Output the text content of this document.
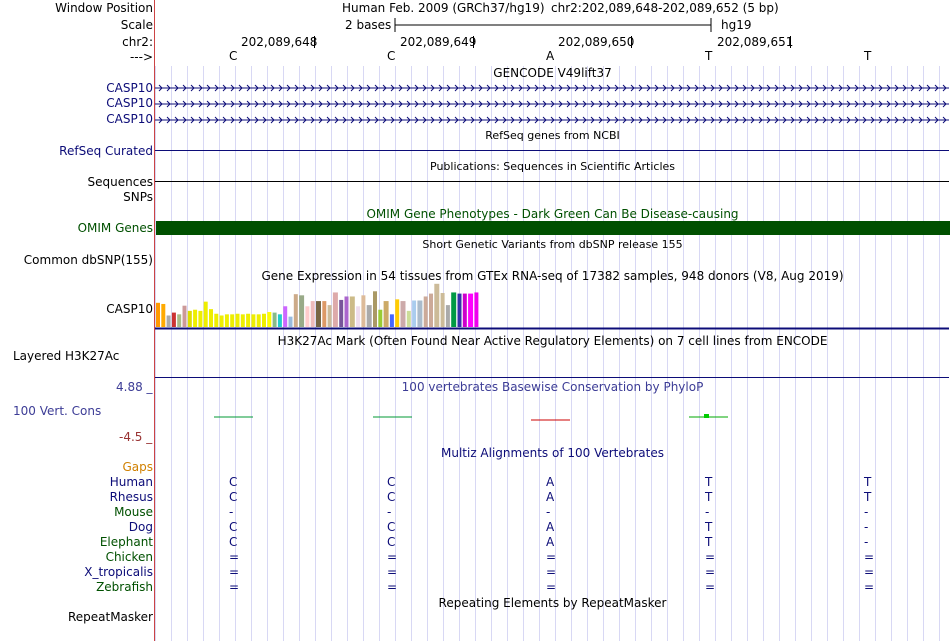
Window Position	Human Feb. 2009 (GRCh37/hg19) chr2:202,089,648-202,089,652 (5 bp)
Scale	2 bases	hg19
chr2:	202,089,648	202,089,649	202,089,650	202,089,651
--->	C	C	A	T	T
GENCODE V49lift37
CASP10
CASP10
CASP10
RefSeq genes from NCBI
RefSeq Curated
Publications: Sequences in Scientific Articles
Sequences
SNPs
OMIM Gene Phenotypes - Dark Green Can Be Disease-causing
OMIM Genes
Short Genetic Variants from dbSNP release 155
Common dbSNP(155)
Gene Expression in 54 tissues from GTEx RNA-seq of 17382 samples, 948 donors (V8, Aug 2019)
CASP10
H3K27Ac Mark (Often Found Near Active Regulatory Elements) on 7 cell lines from ENCODE
Layered H3K27Ac
100 vertebrates Basewise Conservation by PhyloP
4.88 _
100 Vert. Cons
-4.5 _
Multiz Alignments of 100 Vertebrates
Gaps
Human	C	C	A	T	T
Rhesus	C	C	A	T	T
Mouse	-	-	-	-	-
Dog	C	C	A	T	-
Elephant	C	C	A	T	-
Chicken	=	=	=	=	=
X_tropicalis	=	=	=	=	=
Zebrafish	=	=	=	=	=
Repeating Elements by RepeatMasker
RepeatMasker
